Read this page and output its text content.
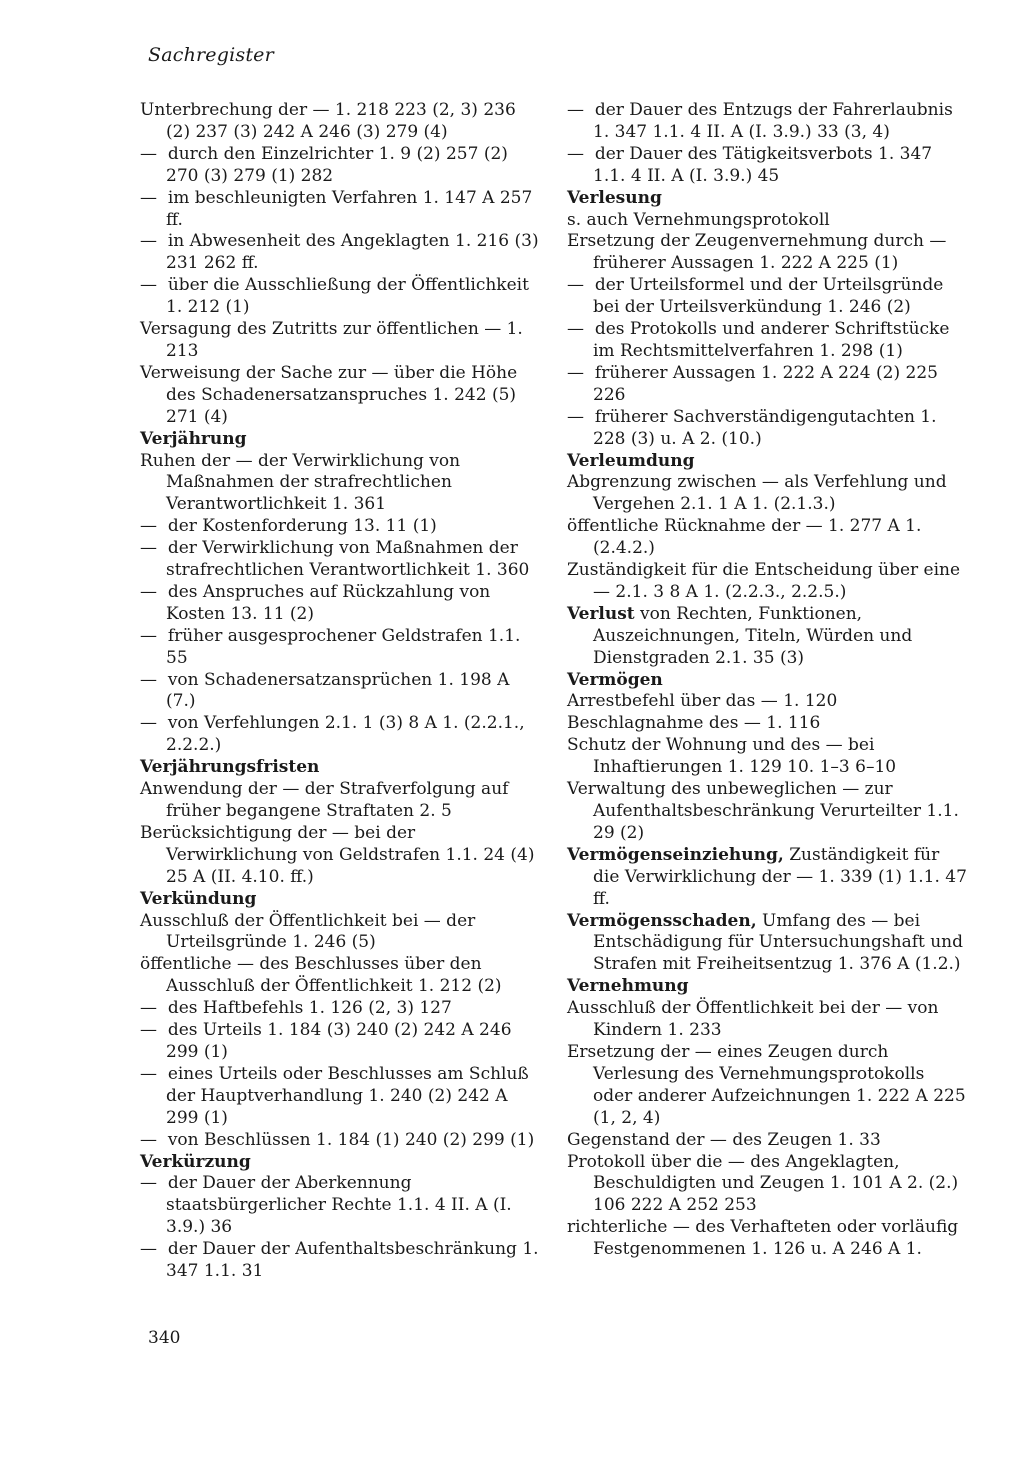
Sachregister

Unterbrechung der — 1. 218 223 (2, 3) 236 (2) 237 (3) 242 A 246 (3) 279 (4)

—  durch den Einzelrichter 1. 9 (2) 257 (2) 270 (3) 279 (1) 282

—  im beschleunigten Verfahren 1. 147 A 257 ff.

—  in Abwesenheit des Angeklagten 1. 216 (3) 231 262 ff.

—  über die Ausschließung der Öffentlichkeit 1. 212 (1)

Versagung des Zutritts zur öffentlichen — 1. 213

Verweisung der Sache zur — über die Höhe des Schadenersatzanspruches 1. 242 (5) 271 (4)

Verjährung

Ruhen der — der Verwirklichung von Maßnahmen der strafrechtlichen Verantwortlichkeit 1. 361

—  der Kostenforderung 13. 11 (1)

—  der Verwirklichung von Maßnahmen der strafrechtlichen Verantwortlichkeit 1. 360

—  des Anspruches auf Rückzahlung von Kosten 13. 11 (2)

—  früher ausgesprochener Geldstrafen 1.1. 55

—  von Schadenersatzansprüchen 1. 198 A (7.)

—  von Verfehlungen 2.1. 1 (3) 8 A 1. (2.2.1., 2.2.2.)

Verjährungsfristen

Anwendung der — der Strafverfolgung auf früher begangene Straftaten 2. 5

Berücksichtigung der — bei der Verwirklichung von Geldstrafen 1.1. 24 (4) 25 A (II. 4.10. ff.)

Verkündung

Ausschluß der Öffentlichkeit bei — der Urteilsgründe 1. 246 (5)

öffentliche — des Beschlusses über den Ausschluß der Öffentlichkeit 1. 212 (2)

—  des Haftbefehls 1. 126 (2, 3) 127

—  des Urteils 1. 184 (3) 240 (2) 242 A 246 299 (1)

—  eines Urteils oder Beschlusses am Schluß der Hauptverhandlung 1. 240 (2) 242 A 299 (1)

—  von Beschlüssen 1. 184 (1) 240 (2) 299 (1)

Verkürzung

—  der Dauer der Aberkennung staatsbürgerlicher Rechte 1.1. 4 II. A (I. 3.9.) 36

—  der Dauer der Aufenthaltsbeschränkung 1. 347 1.1. 31

—  der Dauer des Entzugs der Fahrerlaubnis 1. 347 1.1. 4 II. A (I. 3.9.) 33 (3, 4)

—  der Dauer des Tätigkeitsverbots 1. 347 1.1. 4 II. A (I. 3.9.) 45

Verlesung

s. auch Vernehmungsprotokoll

Ersetzung der Zeugenvernehmung durch — früherer Aussagen 1. 222 A 225 (1)

—  der Urteilsformel und der Urteilsgründe bei der Urteilsverkündung 1. 246 (2)

—  des Protokolls und anderer Schriftstücke im Rechtsmittelverfahren 1. 298 (1)

—  früherer Aussagen 1. 222 A 224 (2) 225 226

—  früherer Sachverständigengutachten 1. 228 (3) u. A 2. (10.)

Verleumdung

Abgrenzung zwischen — als Verfehlung und Vergehen 2.1. 1 A 1. (2.1.3.)

öffentliche Rücknahme der — 1. 277 A 1. (2.4.2.)

Zuständigkeit für die Entscheidung über eine — 2.1. 3 8 A 1. (2.2.3., 2.2.5.)

Verlust von Rechten, Funktionen, Auszeichnungen, Titeln, Würden und Dienstgraden 2.1. 35 (3)

Vermögen

Arrestbefehl über das — 1. 120

Beschlagnahme des — 1. 116

Schutz der Wohnung und des — bei Inhaftierungen 1. 129 10. 1–3 6–10

Verwaltung des unbeweglichen — zur Aufenthaltsbeschränkung Verurteilter 1.1. 29 (2)

Vermögenseinziehung, Zuständigkeit für die Verwirklichung der — 1. 339 (1) 1.1. 47 ff.

Vermögensschaden, Umfang des — bei Entschädigung für Untersuchungshaft und Strafen mit Freiheitsentzug 1. 376 A (1.2.)

Vernehmung

Ausschluß der Öffentlichkeit bei der — von Kindern 1. 233

Ersetzung der — eines Zeugen durch Verlesung des Vernehmungsprotokolls oder anderer Aufzeichnungen 1. 222 A 225 (1, 2, 4)

Gegenstand der — des Zeugen 1. 33

Protokoll über die — des Angeklagten, Beschuldigten und Zeugen 1. 101 A 2. (2.) 106 222 A 252 253

richterliche — des Verhafteten oder vorläufig Festgenommenen 1. 126 u. A 246 A 1.

340
